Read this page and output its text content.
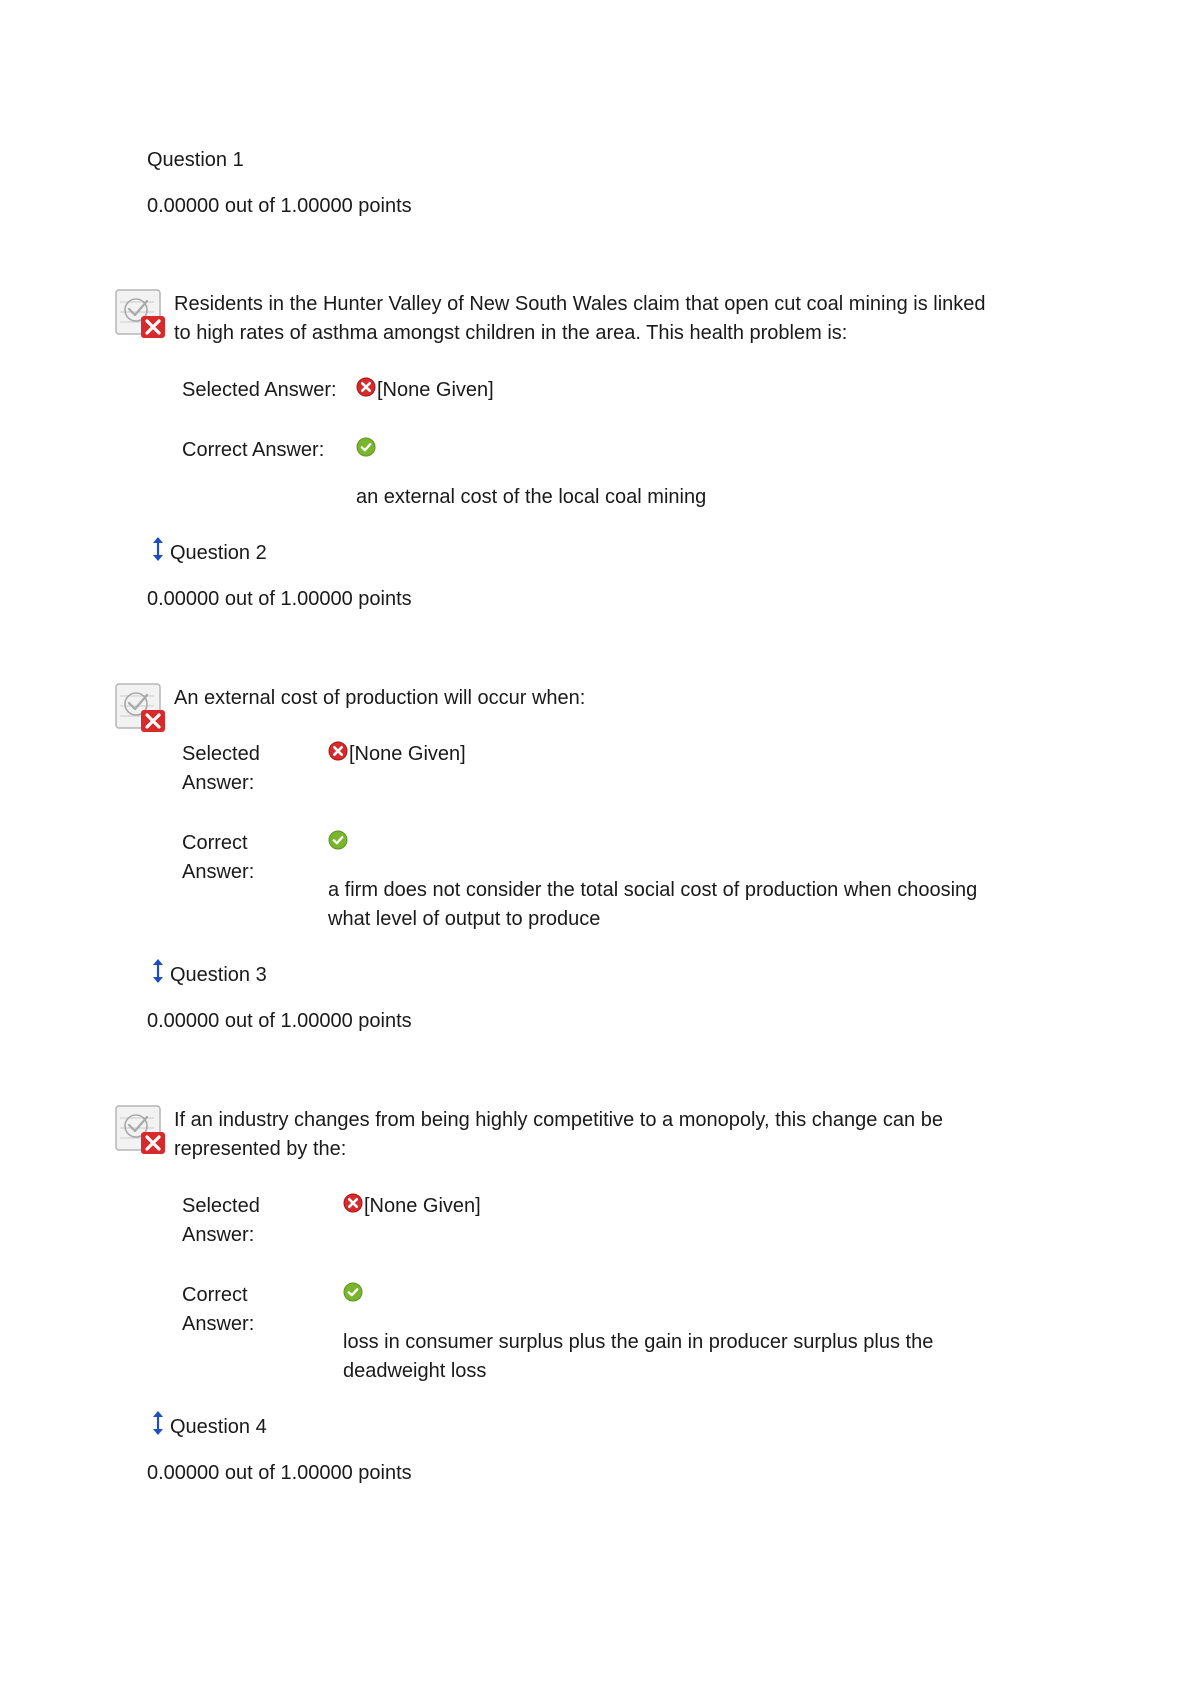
Question 1
0.00000 out of 1.00000 points
Residents in the Hunter Valley of New South Wales claim that open cut coal mining is linked
to high rates of asthma amongst children in the area. This health problem is:
Selected Answer: [None Given]
Correct Answer:
an external cost of the local coal mining
Question 2
0.00000 out of 1.00000 points
An external cost of production will occur when:
Selected
Answer:
[None Given]
Correct
Answer:
a firm does not consider the total social cost of production when choosing
what level of output to produce
Question 3
0.00000 out of 1.00000 points
If an industry changes from being highly competitive to a monopoly, this change can be
represented by the:
Selected
Answer:
[None Given]
Correct
Answer:
loss in consumer surplus plus the gain in producer surplus plus the
deadweight loss
Question 4
0.00000 out of 1.00000 points
